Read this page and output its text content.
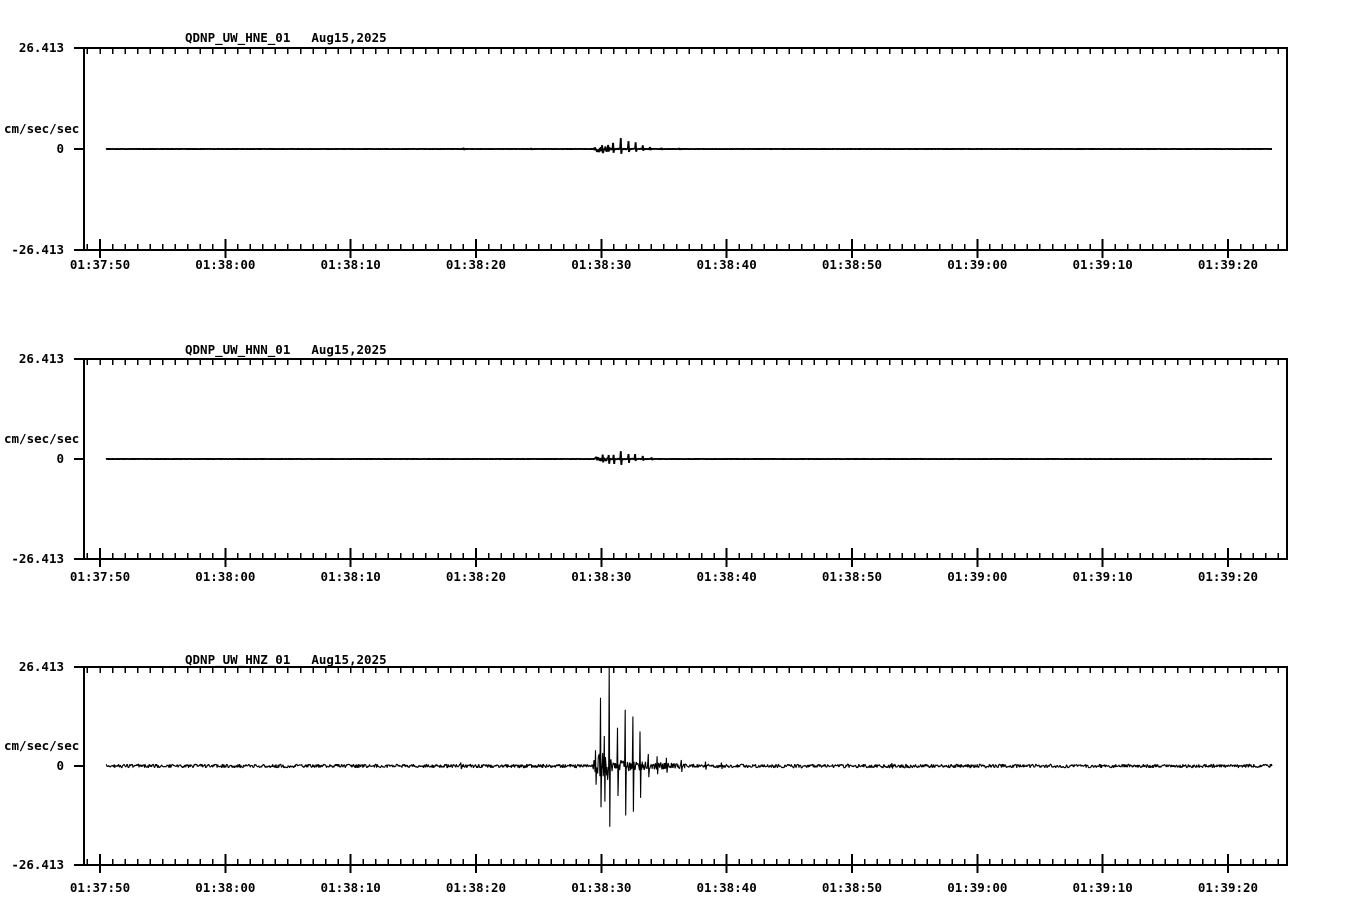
QDNP_UW_HNE_01 Aug15,2025
26.413
cm/sec/sec
0
-26.413
QDNP_UW_HNN_01 Aug15,2025
26.413
cm/sec/sec
0
-26.413
QDNP_UW_HNZ_01 Aug15,2025
26.413
cm/sec/sec
0
-26.413
01:37:50	01:38:00	01:38:10	01:38:20	01:38:30	01:38:40	01:38:50	01:39:00	01:39:10	01:39:20
01:37:50	01:38:00	01:38:10	01:38:20	01:38:30	01:38:40	01:38:50	01:39:00	01:39:10	01:39:20
01:37:50	01:38:00	01:38:10	01:38:20	01:38:30	01:38:40	01:38:50	01:39:00	01:39:10	01:39:20
